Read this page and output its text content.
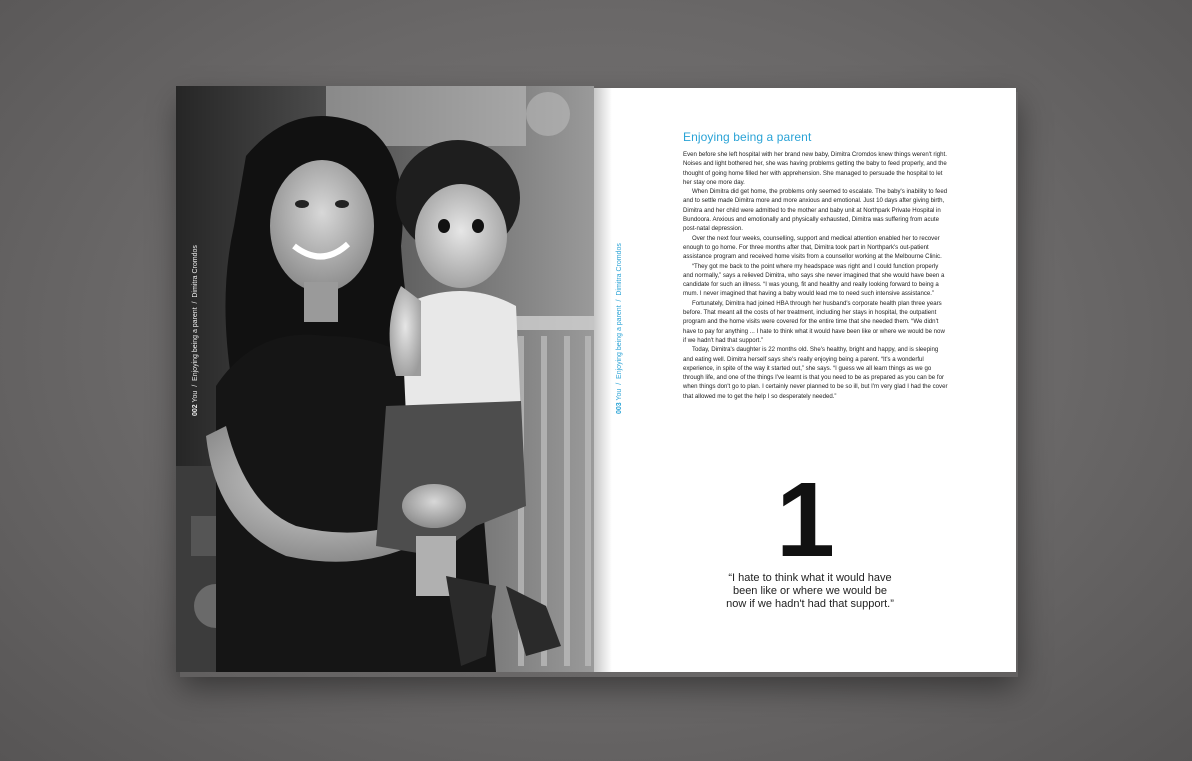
002 You  /  Enjoying being a parent  /  Dimitra Cromdos
003 You  /  Enjoying being a parent  /  Dimitra Cromdos
Enjoying being a parent

Even before she left hospital with her brand new baby, Dimitra Cromdos knew things weren't right. Noises and light bothered her, she was having problems getting the baby to feed properly, and the thought of going home filled her with apprehension. She managed to persuade the hospital to let her stay one more day.

When Dimitra did get home, the problems only seemed to escalate. The baby's inability to feed and to settle made Dimitra more and more anxious and emotional. Just 10 days after giving birth, Dimitra and her child were admitted to the mother and baby unit at Northpark Private Hospital in Bundoora. Anxious and emotionally and physically exhausted, Dimitra was suffering from acute post-natal depression.

Over the next four weeks, counselling, support and medical attention enabled her to recover enough to go home. For three months after that, Dimitra took part in Northpark's out-patient assistance program and received home visits from a counsellor working at the Melbourne Clinic.

“They got me back to the point where my headspace was right and I could function properly and normally,” says a relieved Dimitra, who says she never imagined that she would have been a candidate for such an illness. “I was young, fit and healthy and really looking forward to being a mum. I never imagined that having a baby would lead me to need such intensive assistance.”

Fortunately, Dimitra had joined HBA through her husband's corporate health plan three years before. That meant all the costs of her treatment, including her stays in hospital, the outpatient program and the home visits were covered for the entire time that she needed them. “We didn't have to pay for anything ... I hate to think what it would have been like or where we would be now if we hadn't had that support.”

Today, Dimitra's daughter is 22 months old. She's healthy, bright and happy, and is sleeping and eating well. Dimitra herself says she's really enjoying being a parent. “It's a wonderful experience, in spite of the way it started out,” she says. “I guess we all learn things as we go through life, and one of the things I've learnt is that you need to be as prepared as you can be for when things don't go to plan. I certainly never planned to be so ill, but I'm very glad I had the cover that allowed me to get the help I so desperately needed.”

1
“I hate to think what it would have been like or where we would be now if we hadn't had that support.”
